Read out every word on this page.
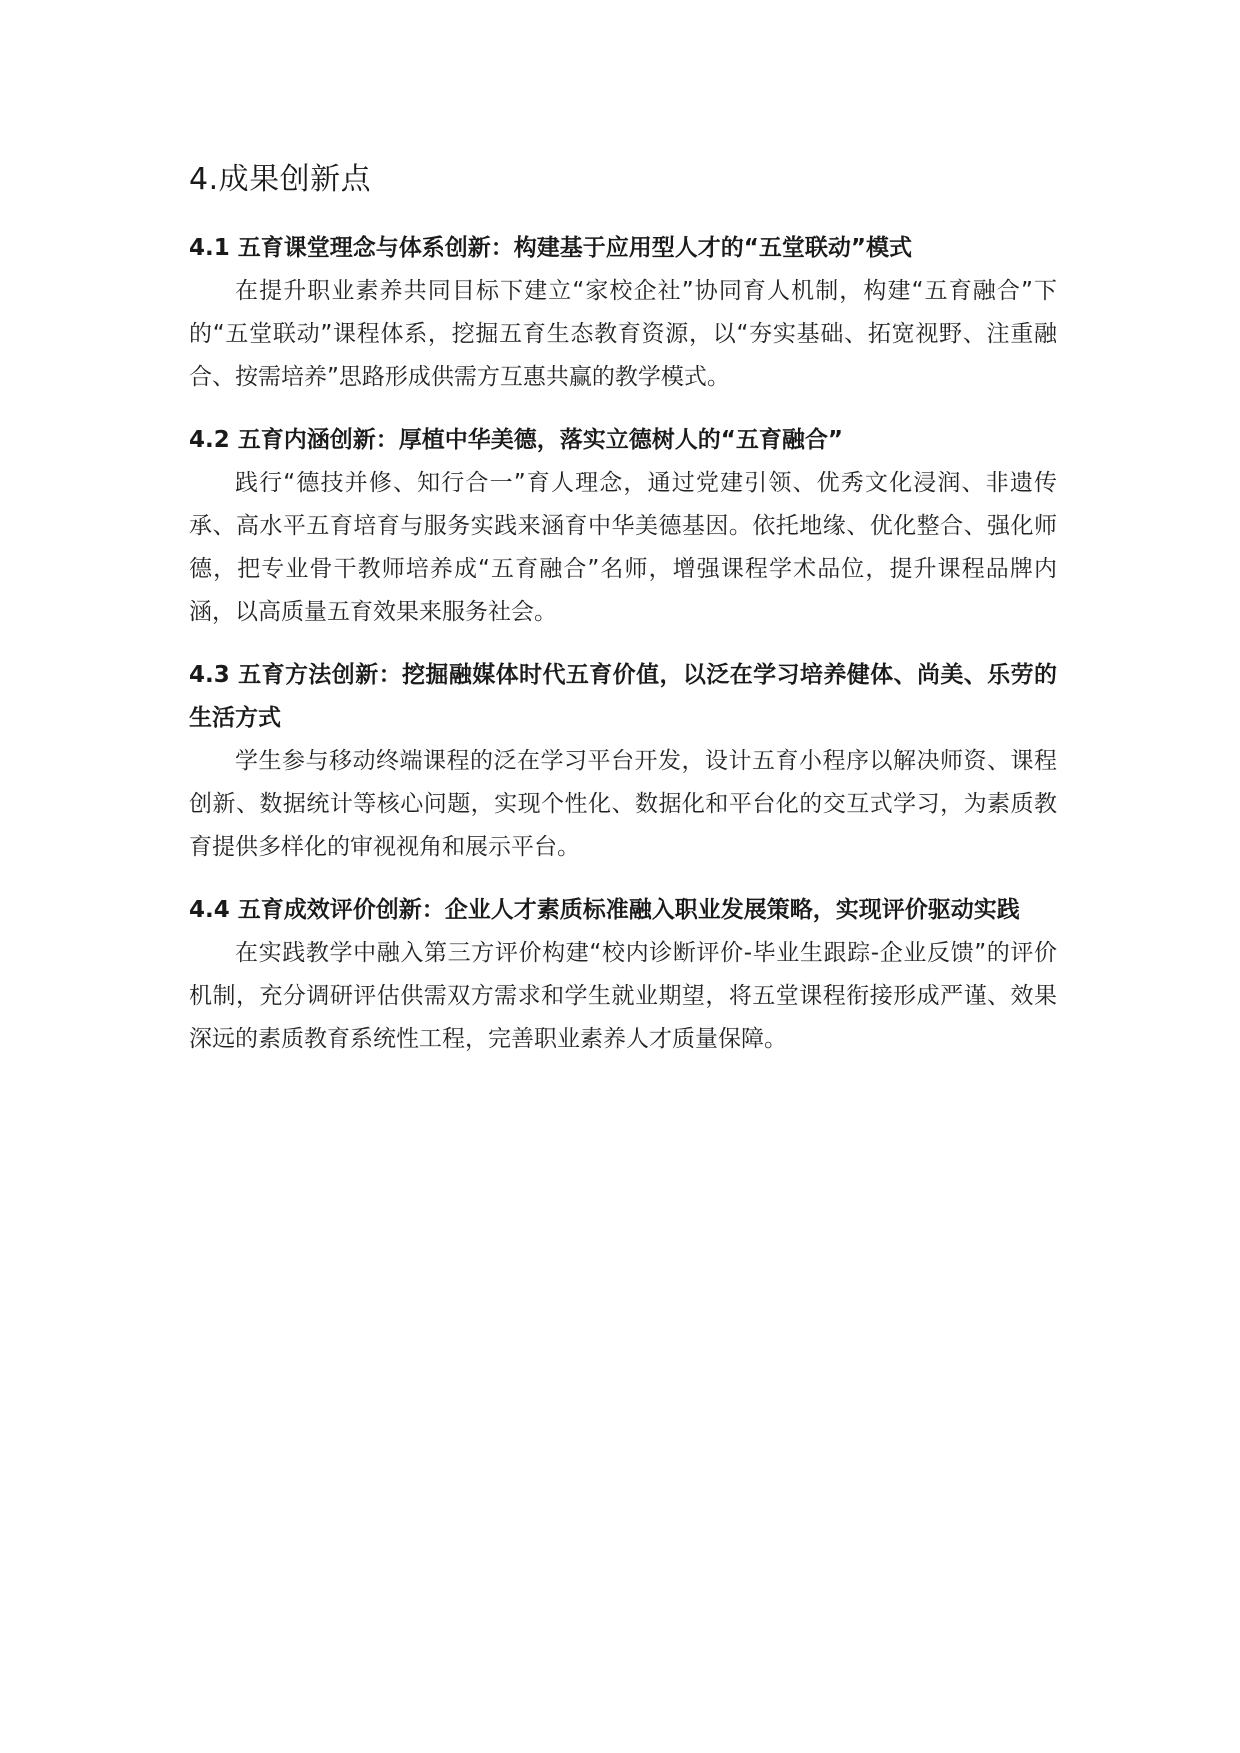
4.成果创新点
4.1 五育课堂理念与体系创新：构建基于应用型人才的“五堂联动”模式

在提升职业素养共同目标下建立“家校企社”协同育人机制，构建“五育融合”下的“五堂联动”课程体系，挖掘五育生态教育资源，以“夯实基础、拓宽视野、注重融合、按需培养”思路形成供需方互惠共赢的教学模式。

4.2 五育内涵创新：厚植中华美德，落实立德树人的“五育融合”

践行“德技并修、知行合一”育人理念，通过党建引领、优秀文化浸润、非遗传承、高水平五育培育与服务实践来涵育中华美德基因。依托地缘、优化整合、强化师德，把专业骨干教师培养成“五育融合”名师，增强课程学术品位，提升课程品牌内涵，以高质量五育效果来服务社会。

4.3 五育方法创新：挖掘融媒体时代五育价值，以泛在学习培养健体、尚美、乐劳的生活方式

学生参与移动终端课程的泛在学习平台开发，设计五育小程序以解决师资、课程创新、数据统计等核心问题，实现个性化、数据化和平台化的交互式学习，为素质教育提供多样化的审视视角和展示平台。

4.4 五育成效评价创新：企业人才素质标准融入职业发展策略，实现评价驱动实践

在实践教学中融入第三方评价构建“校内诊断评价-毕业生跟踪-企业反馈”的评价机制，充分调研评估供需双方需求和学生就业期望，将五堂课程衔接形成严谨、效果深远的素质教育系统性工程，完善职业素养人才质量保障。
